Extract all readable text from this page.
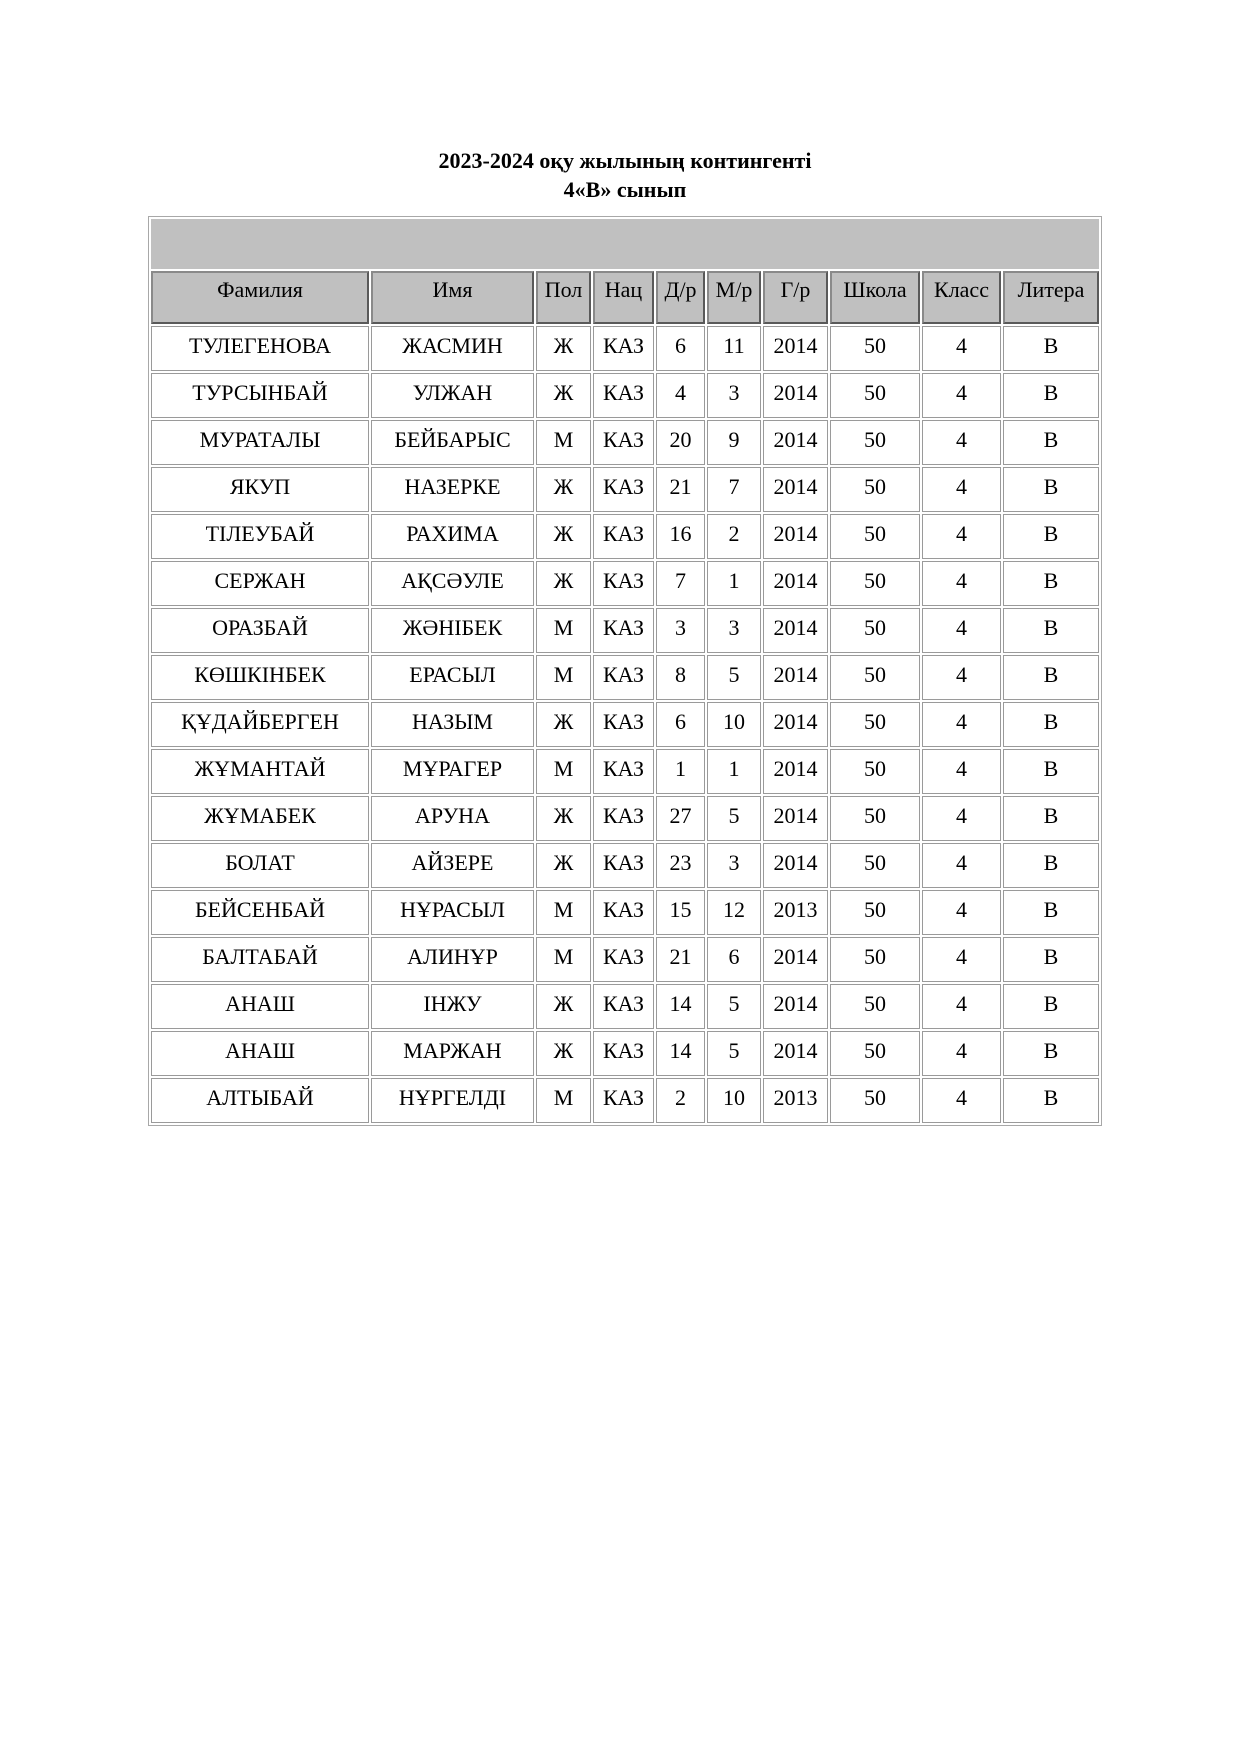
2023-2024 оқу жылының контингенті
4«В» сынып

Фамилия	Имя	Пол	Нац	Д/р	М/р	Г/р	Школа	Класс	Литера
ТУЛЕГЕНОВА	ЖАСМИН	Ж	КАЗ	6	11	2014	50	4	В
ТУРСЫНБАЙ	УЛЖАН	Ж	КАЗ	4	3	2014	50	4	В
МУРАТАЛЫ	БЕЙБАРЫС	М	КАЗ	20	9	2014	50	4	В
ЯКУП	НАЗЕРКЕ	Ж	КАЗ	21	7	2014	50	4	В
ТІЛЕУБАЙ	РАХИМА	Ж	КАЗ	16	2	2014	50	4	В
СЕРЖАН	АҚСӘУЛЕ	Ж	КАЗ	7	1	2014	50	4	В
ОРАЗБАЙ	ЖӘНІБЕК	М	КАЗ	3	3	2014	50	4	В
КӨШКІНБЕК	ЕРАСЫЛ	М	КАЗ	8	5	2014	50	4	В
ҚҰДАЙБЕРГЕН	НАЗЫМ	Ж	КАЗ	6	10	2014	50	4	В
ЖҰМАНТАЙ	МҰРАГЕР	М	КАЗ	1	1	2014	50	4	В
ЖҰМАБЕК	АРУНА	Ж	КАЗ	27	5	2014	50	4	В
БОЛАТ	АЙЗЕРЕ	Ж	КАЗ	23	3	2014	50	4	В
БЕЙСЕНБАЙ	НҰРАСЫЛ	М	КАЗ	15	12	2013	50	4	В
БАЛТАБАЙ	АЛИНҰР	М	КАЗ	21	6	2014	50	4	В
АНАШ	ІНЖУ	Ж	КАЗ	14	5	2014	50	4	В
АНАШ	МАРЖАН	Ж	КАЗ	14	5	2014	50	4	В
АЛТЫБАЙ	НҰРГЕЛДІ	М	КАЗ	2	10	2013	50	4	В
